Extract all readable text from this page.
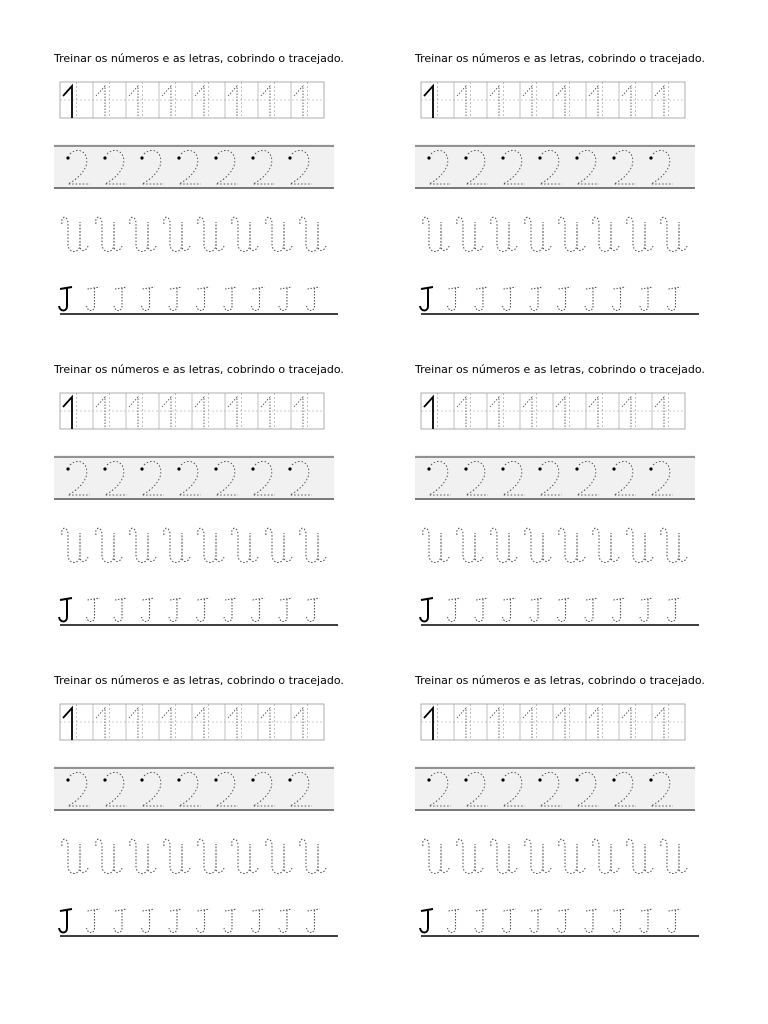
Treinar os números e as letras, cobrindo o tracejado.	Treinar os números e as letras, cobrindo o tracejado.

Treinar os números e as letras, cobrindo o tracejado.	Treinar os números e as letras, cobrindo o tracejado.

Treinar os números e as letras, cobrindo o tracejado.	Treinar os números e as letras, cobrindo o tracejado.
